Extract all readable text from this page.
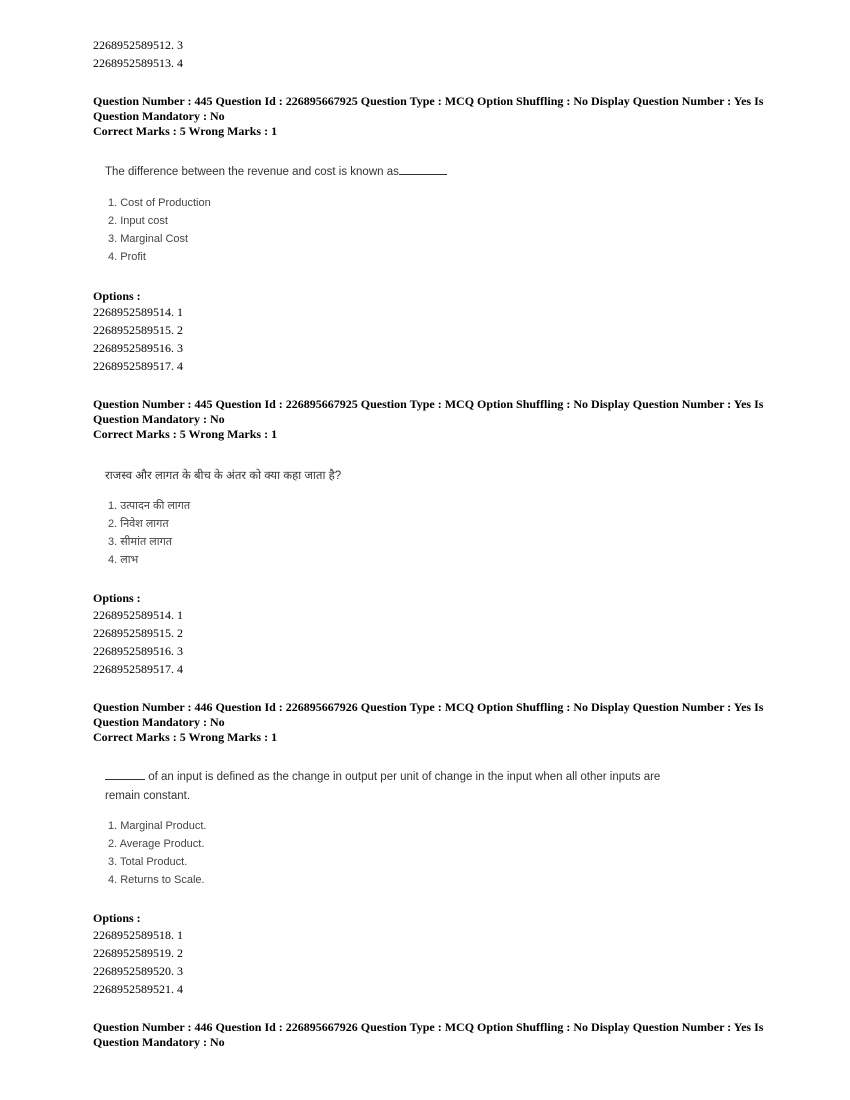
2268952589512. 3
2268952589513. 4
Question Number : 445 Question Id : 226895667925 Question Type : MCQ Option Shuffling : No Display Question Number : Yes Is
Question Mandatory : No
Correct Marks : 5 Wrong Marks : 1
The difference between the revenue and cost is known as
1. Cost of Production
2. Input cost
3. Marginal Cost
4. Profit
Options :
2268952589514. 1
2268952589515. 2
2268952589516. 3
2268952589517. 4
Question Number : 445 Question Id : 226895667925 Question Type : MCQ Option Shuffling : No Display Question Number : Yes Is
Question Mandatory : No
Correct Marks : 5 Wrong Marks : 1
राजस्व और लागत के बीच के अंतर को क्या कहा जाता है?
1. उत्पादन की लागत
2. निवेश लागत
3. सीमांत लागत
4. लाभ
Options :
2268952589514. 1
2268952589515. 2
2268952589516. 3
2268952589517. 4
Question Number : 446 Question Id : 226895667926 Question Type : MCQ Option Shuffling : No Display Question Number : Yes Is
Question Mandatory : No
Correct Marks : 5 Wrong Marks : 1
of an input is defined as the change in output per unit of change in the input when all other inputs are
remain constant.
1. Marginal Product.
2. Average Product.
3. Total Product.
4. Returns to Scale.
Options :
2268952589518. 1
2268952589519. 2
2268952589520. 3
2268952589521. 4
Question Number : 446 Question Id : 226895667926 Question Type : MCQ Option Shuffling : No Display Question Number : Yes Is
Question Mandatory : No
